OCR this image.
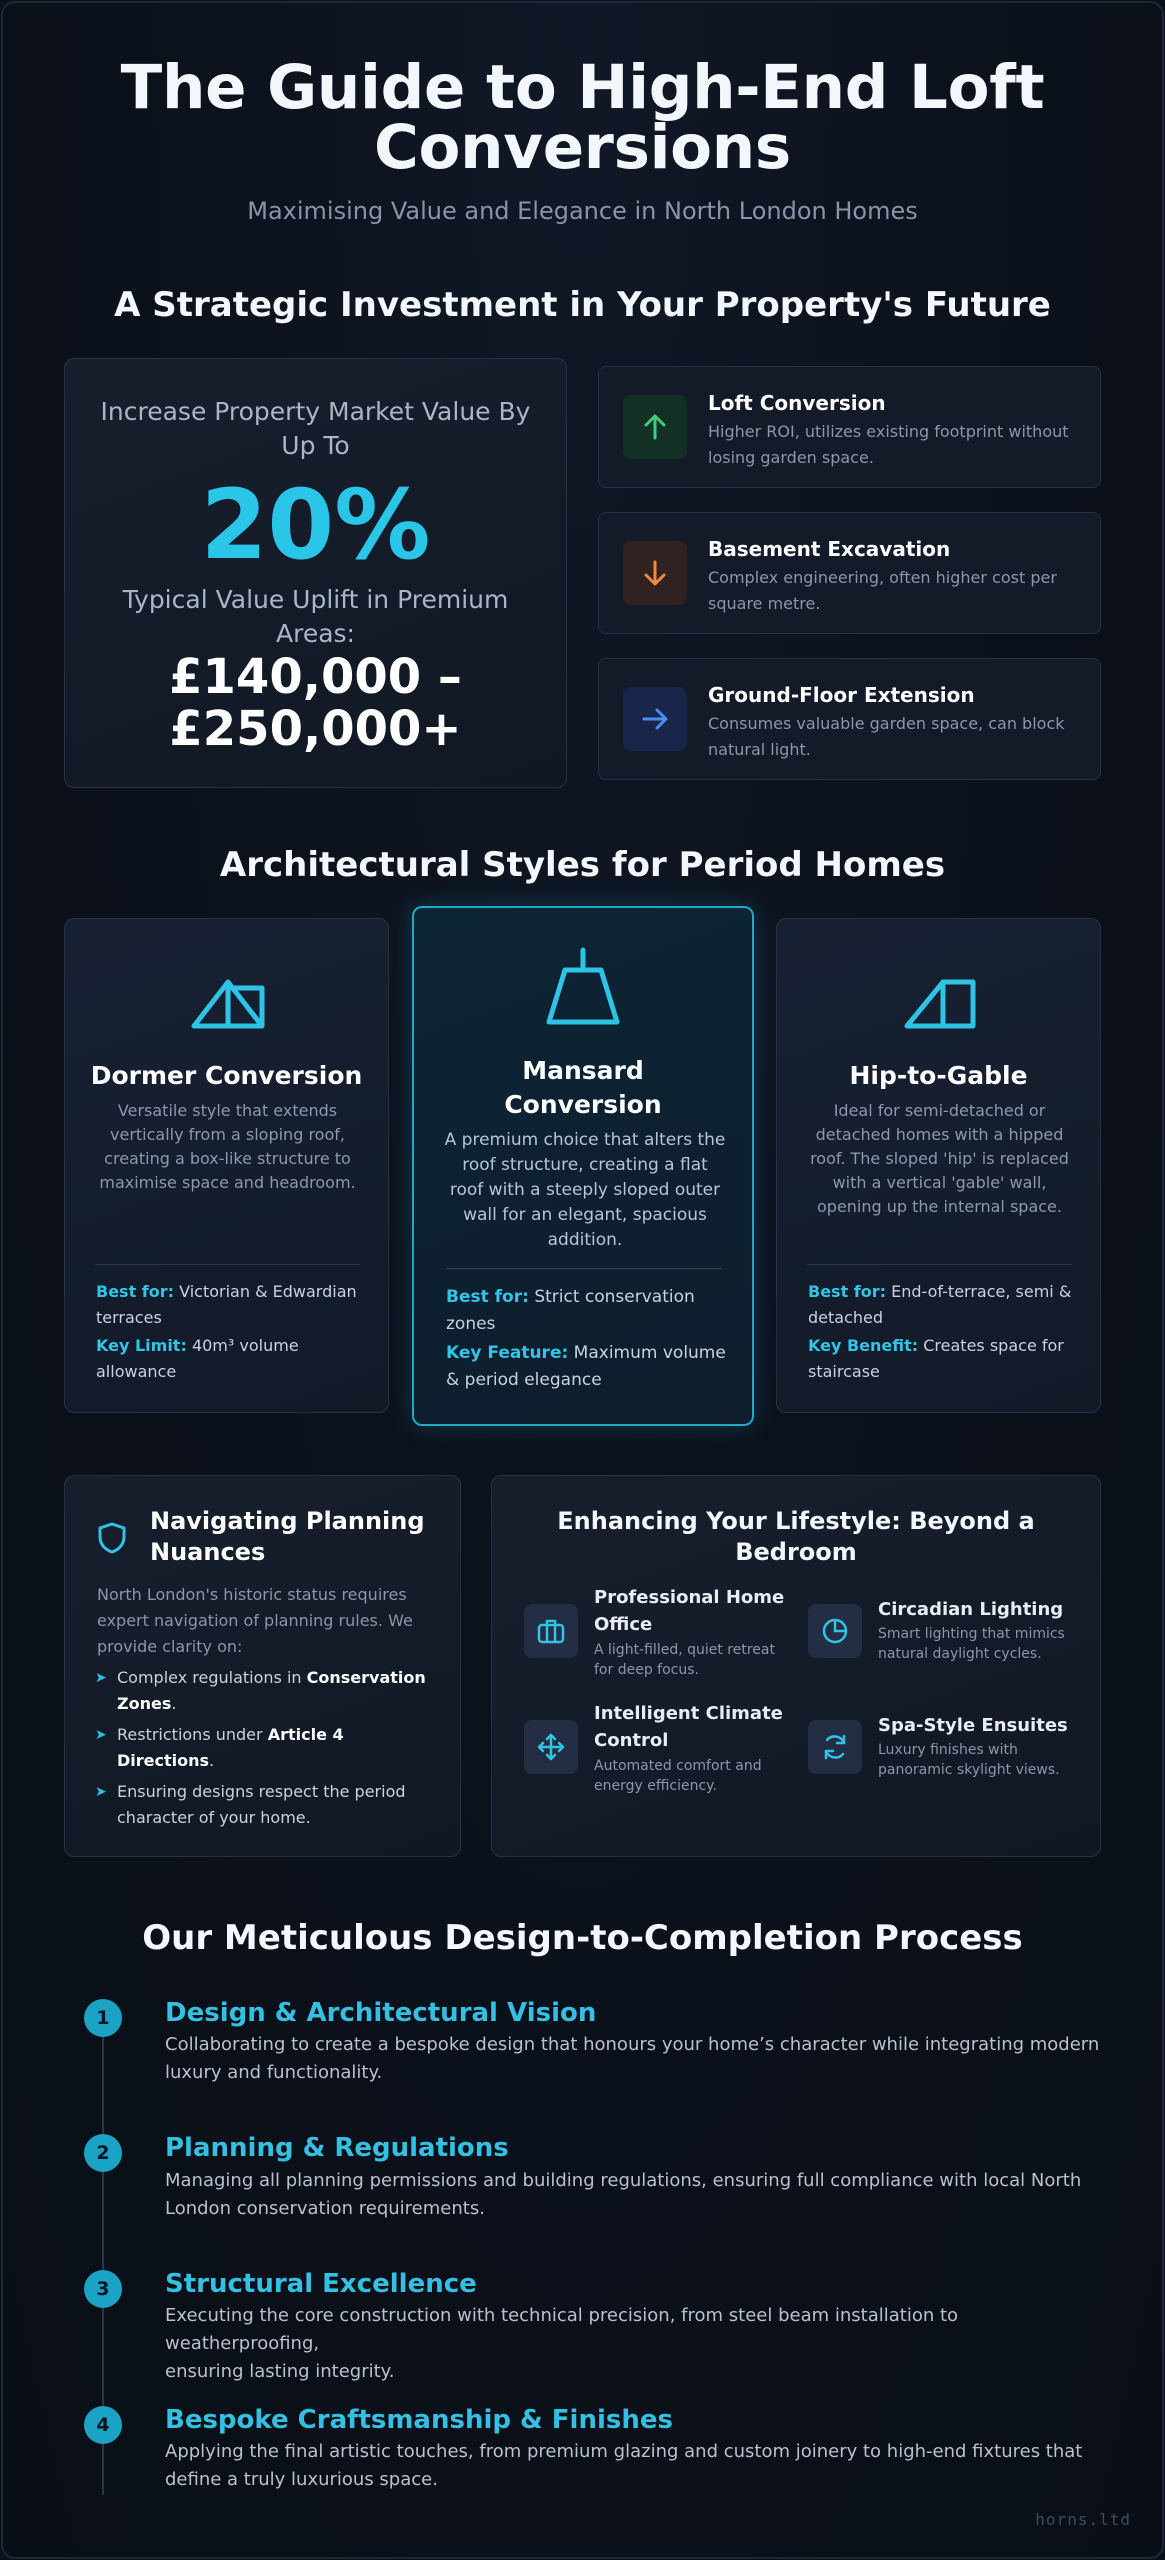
The Guide to High-End Loft
Conversions
Maximising Value and Elegance in North London Homes
A Strategic Investment in Your Property's Future
Increase Property Market Value By
Up To
20%
Typical Value Uplift in Premium
Areas:
£140,000 –
£250,000+
Loft Conversion
Higher ROI, utilizes existing footprint without
losing garden space.
Basement Excavation
Complex engineering, often higher cost per
square metre.
Ground-Floor Extension
Consumes valuable garden space, can block
natural light.
Architectural Styles for Period Homes
Dormer Conversion
Versatile style that extends
vertically from a sloping roof,
creating a box-like structure to
maximise space and headroom.
Best for: Victorian & Edwardian
terraces
Key Limit: 40m³ volume
allowance
Mansard
Conversion
A premium choice that alters the
roof structure, creating a flat
roof with a steeply sloped outer
wall for an elegant, spacious
addition.
Best for: Strict conservation
zones
Key Feature: Maximum volume
& period elegance
Hip-to-Gable
Ideal for semi-detached or
detached homes with a hipped
roof. The sloped 'hip' is replaced
with a vertical 'gable' wall,
opening up the internal space.
Best for: End-of-terrace, semi &
detached
Key Benefit: Creates space for
staircase
Navigating Planning
Nuances
North London's historic status requires
expert navigation of planning rules. We
provide clarity on:
➤ Complex regulations in Conservation
Zones.
➤ Restrictions under Article 4
Directions.
➤ Ensuring designs respect the period
character of your home.
Enhancing Your Lifestyle: Beyond a
Bedroom
Professional Home
Office
A light-filled, quiet retreat
for deep focus.
Circadian Lighting
Smart lighting that mimics
natural daylight cycles.
Intelligent Climate
Control
Automated comfort and
energy efficiency.
Spa-Style Ensuites
Luxury finishes with
panoramic skylight views.
Our Meticulous Design-to-Completion Process
1	Design & Architectural Vision
Collaborating to create a bespoke design that honours your home’s character while integrating modern
luxury and functionality.
2	Planning & Regulations
Managing all planning permissions and building regulations, ensuring full compliance with local North
London conservation requirements.
3	Structural Excellence
Executing the core construction with technical precision, from steel beam installation to weatherproofing,
ensuring lasting integrity.
4	Bespoke Craftsmanship & Finishes
Applying the final artistic touches, from premium glazing and custom joinery to high-end fixtures that
define a truly luxurious space.
horns.ltd
